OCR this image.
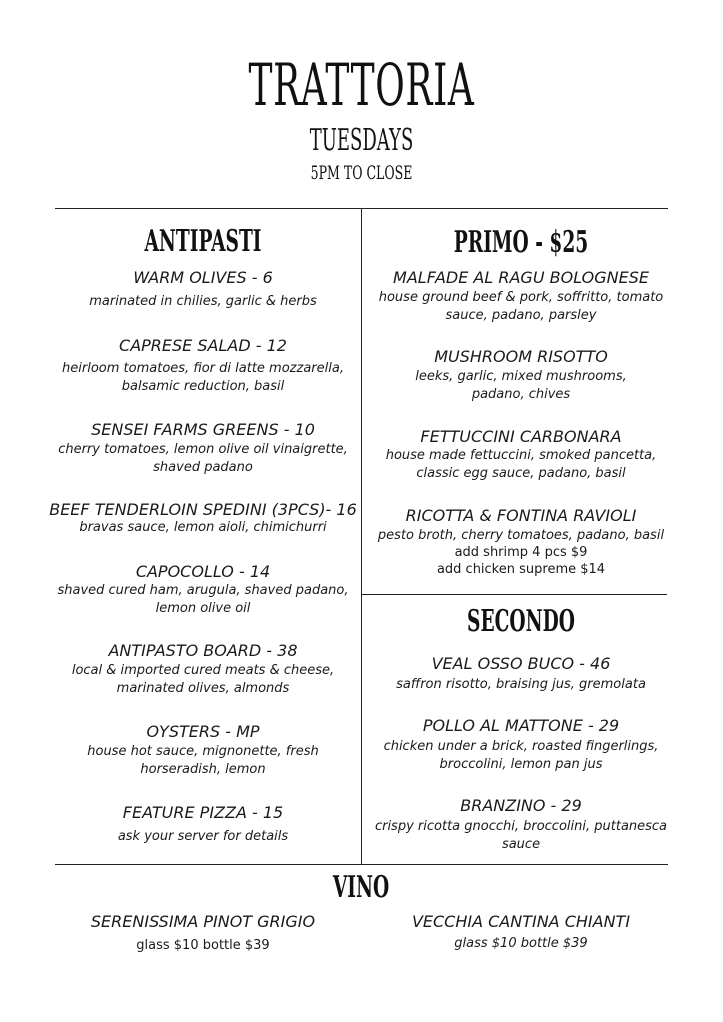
TRATTORIA
TUESDAYS
5PM TO CLOSE
ANTIPASTI
WARM OLIVES - 6
marinated in chilies, garlic & herbs
CAPRESE SALAD - 12
heirloom tomatoes, fior di latte mozzarella, balsamic reduction, basil
SENSEI FARMS GREENS - 10
cherry tomatoes, lemon olive oil vinaigrette, shaved padano
BEEF TENDERLOIN SPEDINI (3PCS)- 16
bravas sauce, lemon aioli, chimichurri
CAPOCOLLO - 14
shaved cured ham, arugula, shaved padano, lemon olive oil
ANTIPASTO BOARD - 38
local & imported cured meats & cheese, marinated olives, almonds
OYSTERS - MP
house hot sauce, mignonette, fresh horseradish, lemon
FEATURE PIZZA - 15
ask your server for details
PRIMO - $25
MALFADE AL RAGU BOLOGNESE
house ground beef & pork, soffritto, tomato sauce, padano, parsley
MUSHROOM RISOTTO
leeks, garlic, mixed mushrooms, padano, chives
FETTUCCINI CARBONARA
house made fettuccini, smoked pancetta, classic egg sauce, padano, basil
RICOTTA & FONTINA RAVIOLI
pesto broth, cherry tomatoes, padano, basil
add shrimp 4 pcs $9
add chicken supreme $14
SECONDO
VEAL OSSO BUCO - 46
saffron risotto, braising jus, gremolata
POLLO AL MATTONE - 29
chicken under a brick, roasted fingerlings, broccolini, lemon pan jus
BRANZINO - 29
crispy ricotta gnocchi, broccolini, puttanesca sauce
VINO
SERENISSIMA PINOT GRIGIO
glass $10 bottle $39
VECCHIA CANTINA CHIANTI
glass $10 bottle $39
